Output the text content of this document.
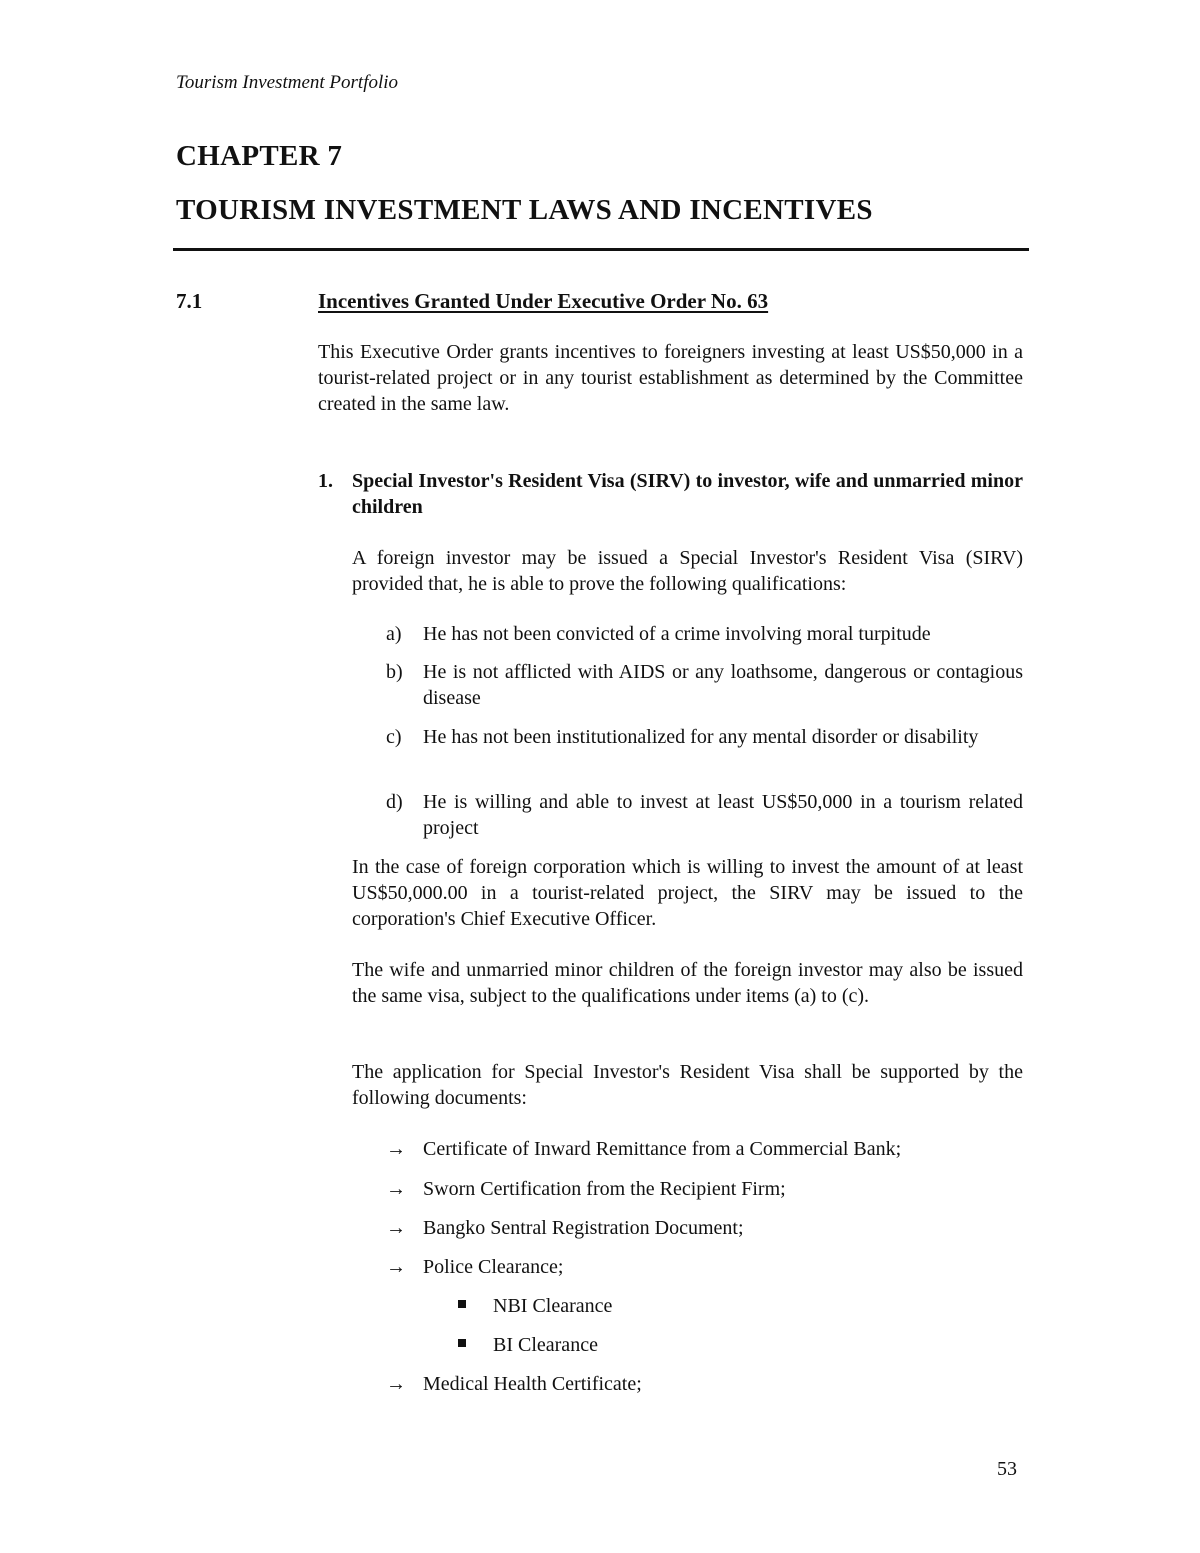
Tourism Investment Portfolio
CHAPTER 7
TOURISM INVESTMENT LAWS AND INCENTIVES
7.1	Incentives Granted Under Executive Order No. 63
This Executive Order grants incentives to foreigners investing at least US$50,000 in a tourist-related project or in any tourist establishment as determined by the Committee created in the same law.
1. Special Investor's Resident Visa (SIRV) to investor, wife and unmarried minor children
A foreign investor may be issued a Special Investor's Resident Visa (SIRV) provided that, he is able to prove the following qualifications:
a) He has not been convicted of a crime involving moral turpitude
b) He is not afflicted with AIDS or any loathsome, dangerous or contagious disease
c) He has not been institutionalized for any mental disorder or disability
d) He is willing and able to invest at least US$50,000 in a tourism related project
In the case of foreign corporation which is willing to invest the amount of at least US$50,000.00 in a tourist-related project, the SIRV may be issued to the corporation's Chief Executive Officer.
The wife and unmarried minor children of the foreign investor may also be issued the same visa, subject to the qualifications under items (a) to (c).
The application for Special Investor's Resident Visa shall be supported by the following documents:
→ Certificate of Inward Remittance from a Commercial Bank;
→ Sworn Certification from the Recipient Firm;
→ Bangko Sentral Registration Document;
→ Police Clearance;
NBI Clearance
BI Clearance
→ Medical Health Certificate;
53
